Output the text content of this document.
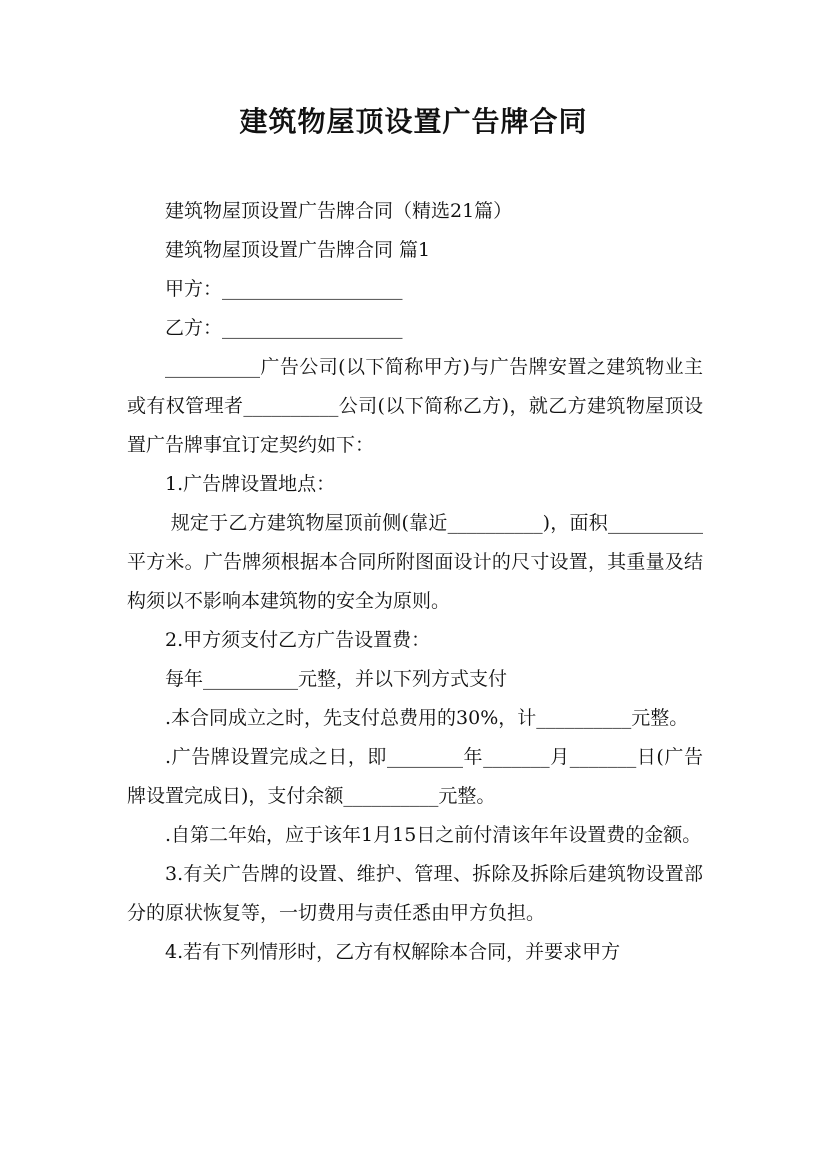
建筑物屋顶设置广告牌合同

建筑物屋顶设置广告牌合同（精选21篇）

建筑物屋顶设置广告牌合同 篇1

甲方：___________________

乙方：___________________

__________广告公司(以下简称甲方)与广告牌安置之建筑物业主或有权管理者__________公司(以下简称乙方)，就乙方建筑物屋顶设置广告牌事宜订定契约如下：

1.广告牌设置地点：

规定于乙方建筑物屋顶前侧(靠近__________)，面积__________平方米。广告牌须根据本合同所附图面设计的尺寸设置，其重量及结构须以不影响本建筑物的安全为原则。

2.甲方须支付乙方广告设置费：

每年__________元整，并以下列方式支付

.本合同成立之时，先支付总费用的30%，计__________元整。

.广告牌设置完成之日，即________年_______月_______日(广告牌设置完成日)，支付余额__________元整。

.自第二年始，应于该年1月15日之前付清该年年设置费的金额。

3.有关广告牌的设置、维护、管理、拆除及拆除后建筑物设置部分的原状恢复等，一切费用与责任悉由甲方负担。

4.若有下列情形时，乙方有权解除本合同，并要求甲方
